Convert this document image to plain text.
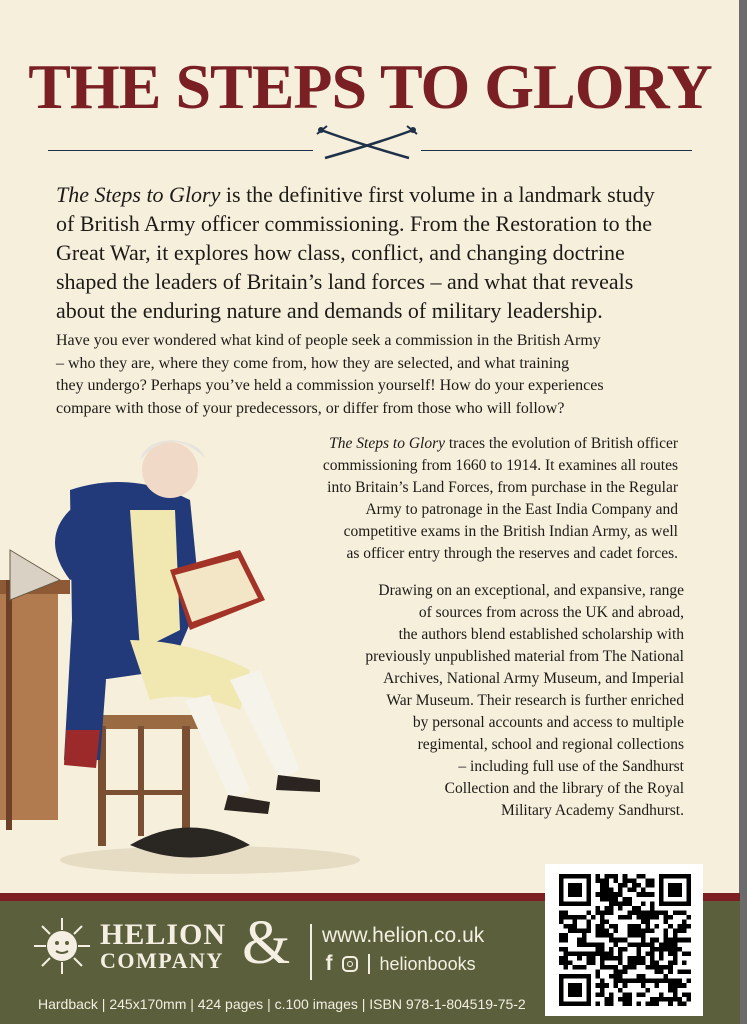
THE STEPS TO GLORY
The Steps to Glory is the definitive first volume in a landmark study
of British Army officer commissioning. From the Restoration to the
Great War, it explores how class, conflict, and changing doctrine
shaped the leaders of Britain’s land forces – and what that reveals
about the enduring nature and demands of military leadership.
Have you ever wondered what kind of people seek a commission in the British Army
– who they are, where they come from, how they are selected, and what training
they undergo? Perhaps you’ve held a commission yourself! How do your experiences
compare with those of your predecessors, or differ from those who will follow?
The Steps to Glory traces the evolution of British officer
commissioning from 1660 to 1914. It examines all routes
into Britain’s Land Forces, from purchase in the Regular
Army to patronage in the East India Company and
competitive exams in the British Indian Army, as well
as officer entry through the reserves and cadet forces.
Drawing on an exceptional, and expansive, range
of sources from across the UK and abroad,
the authors blend established scholarship with
previously unpublished material from The National
Archives, National Army Museum, and Imperial
War Museum. Their research is further enriched
by personal accounts and access to multiple
regimental, school and regional collections
– including full use of the Sandhurst
Collection and the library of the Royal
Military Academy Sandhurst.
HELION
COMPANY & www.helion.co.uk
f	helionbooks
Hardback | 245x170mm | 424 pages | c.100 images | ISBN 978-1-804519-75-2
